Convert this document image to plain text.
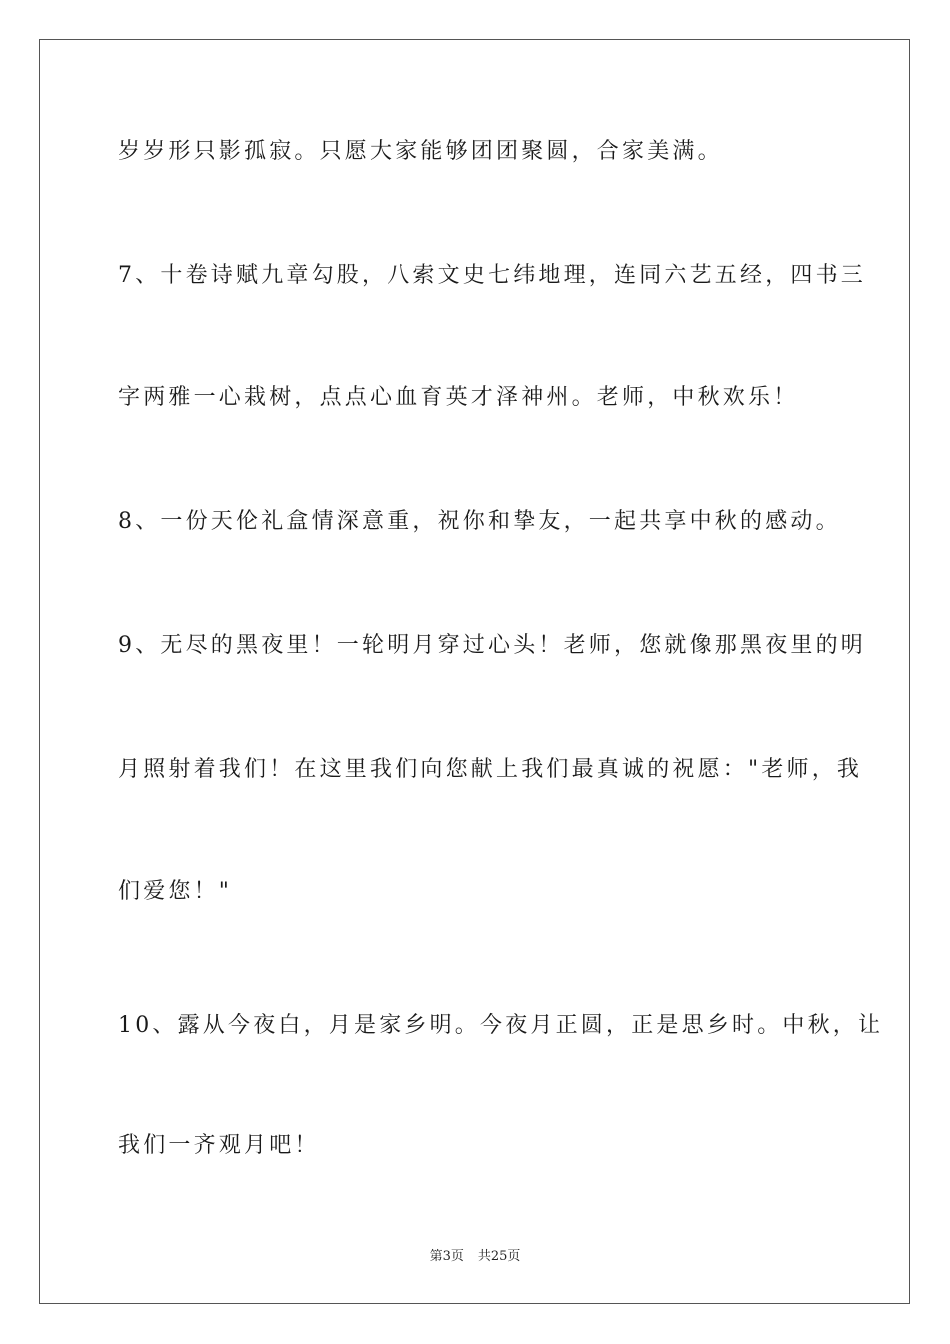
岁岁形只影孤寂。只愿大家能够团团聚圆，合家美满。
7、十卷诗赋九章勾股，八索文史七纬地理，连同六艺五经，四书三
字两雅一心栽树，点点心血育英才泽神州。老师，中秋欢乐！
8、一份天伦礼盒情深意重，祝你和挚友，一起共享中秋的感动。
9、无尽的黑夜里！一轮明月穿过心头！老师，您就像那黑夜里的明
月照射着我们！在这里我们向您献上我们最真诚的祝愿："老师，我
们爱您！"
10、露从今夜白，月是家乡明。今夜月正圆，正是思乡时。中秋，让
我们一齐观月吧！
第3页 共25页
